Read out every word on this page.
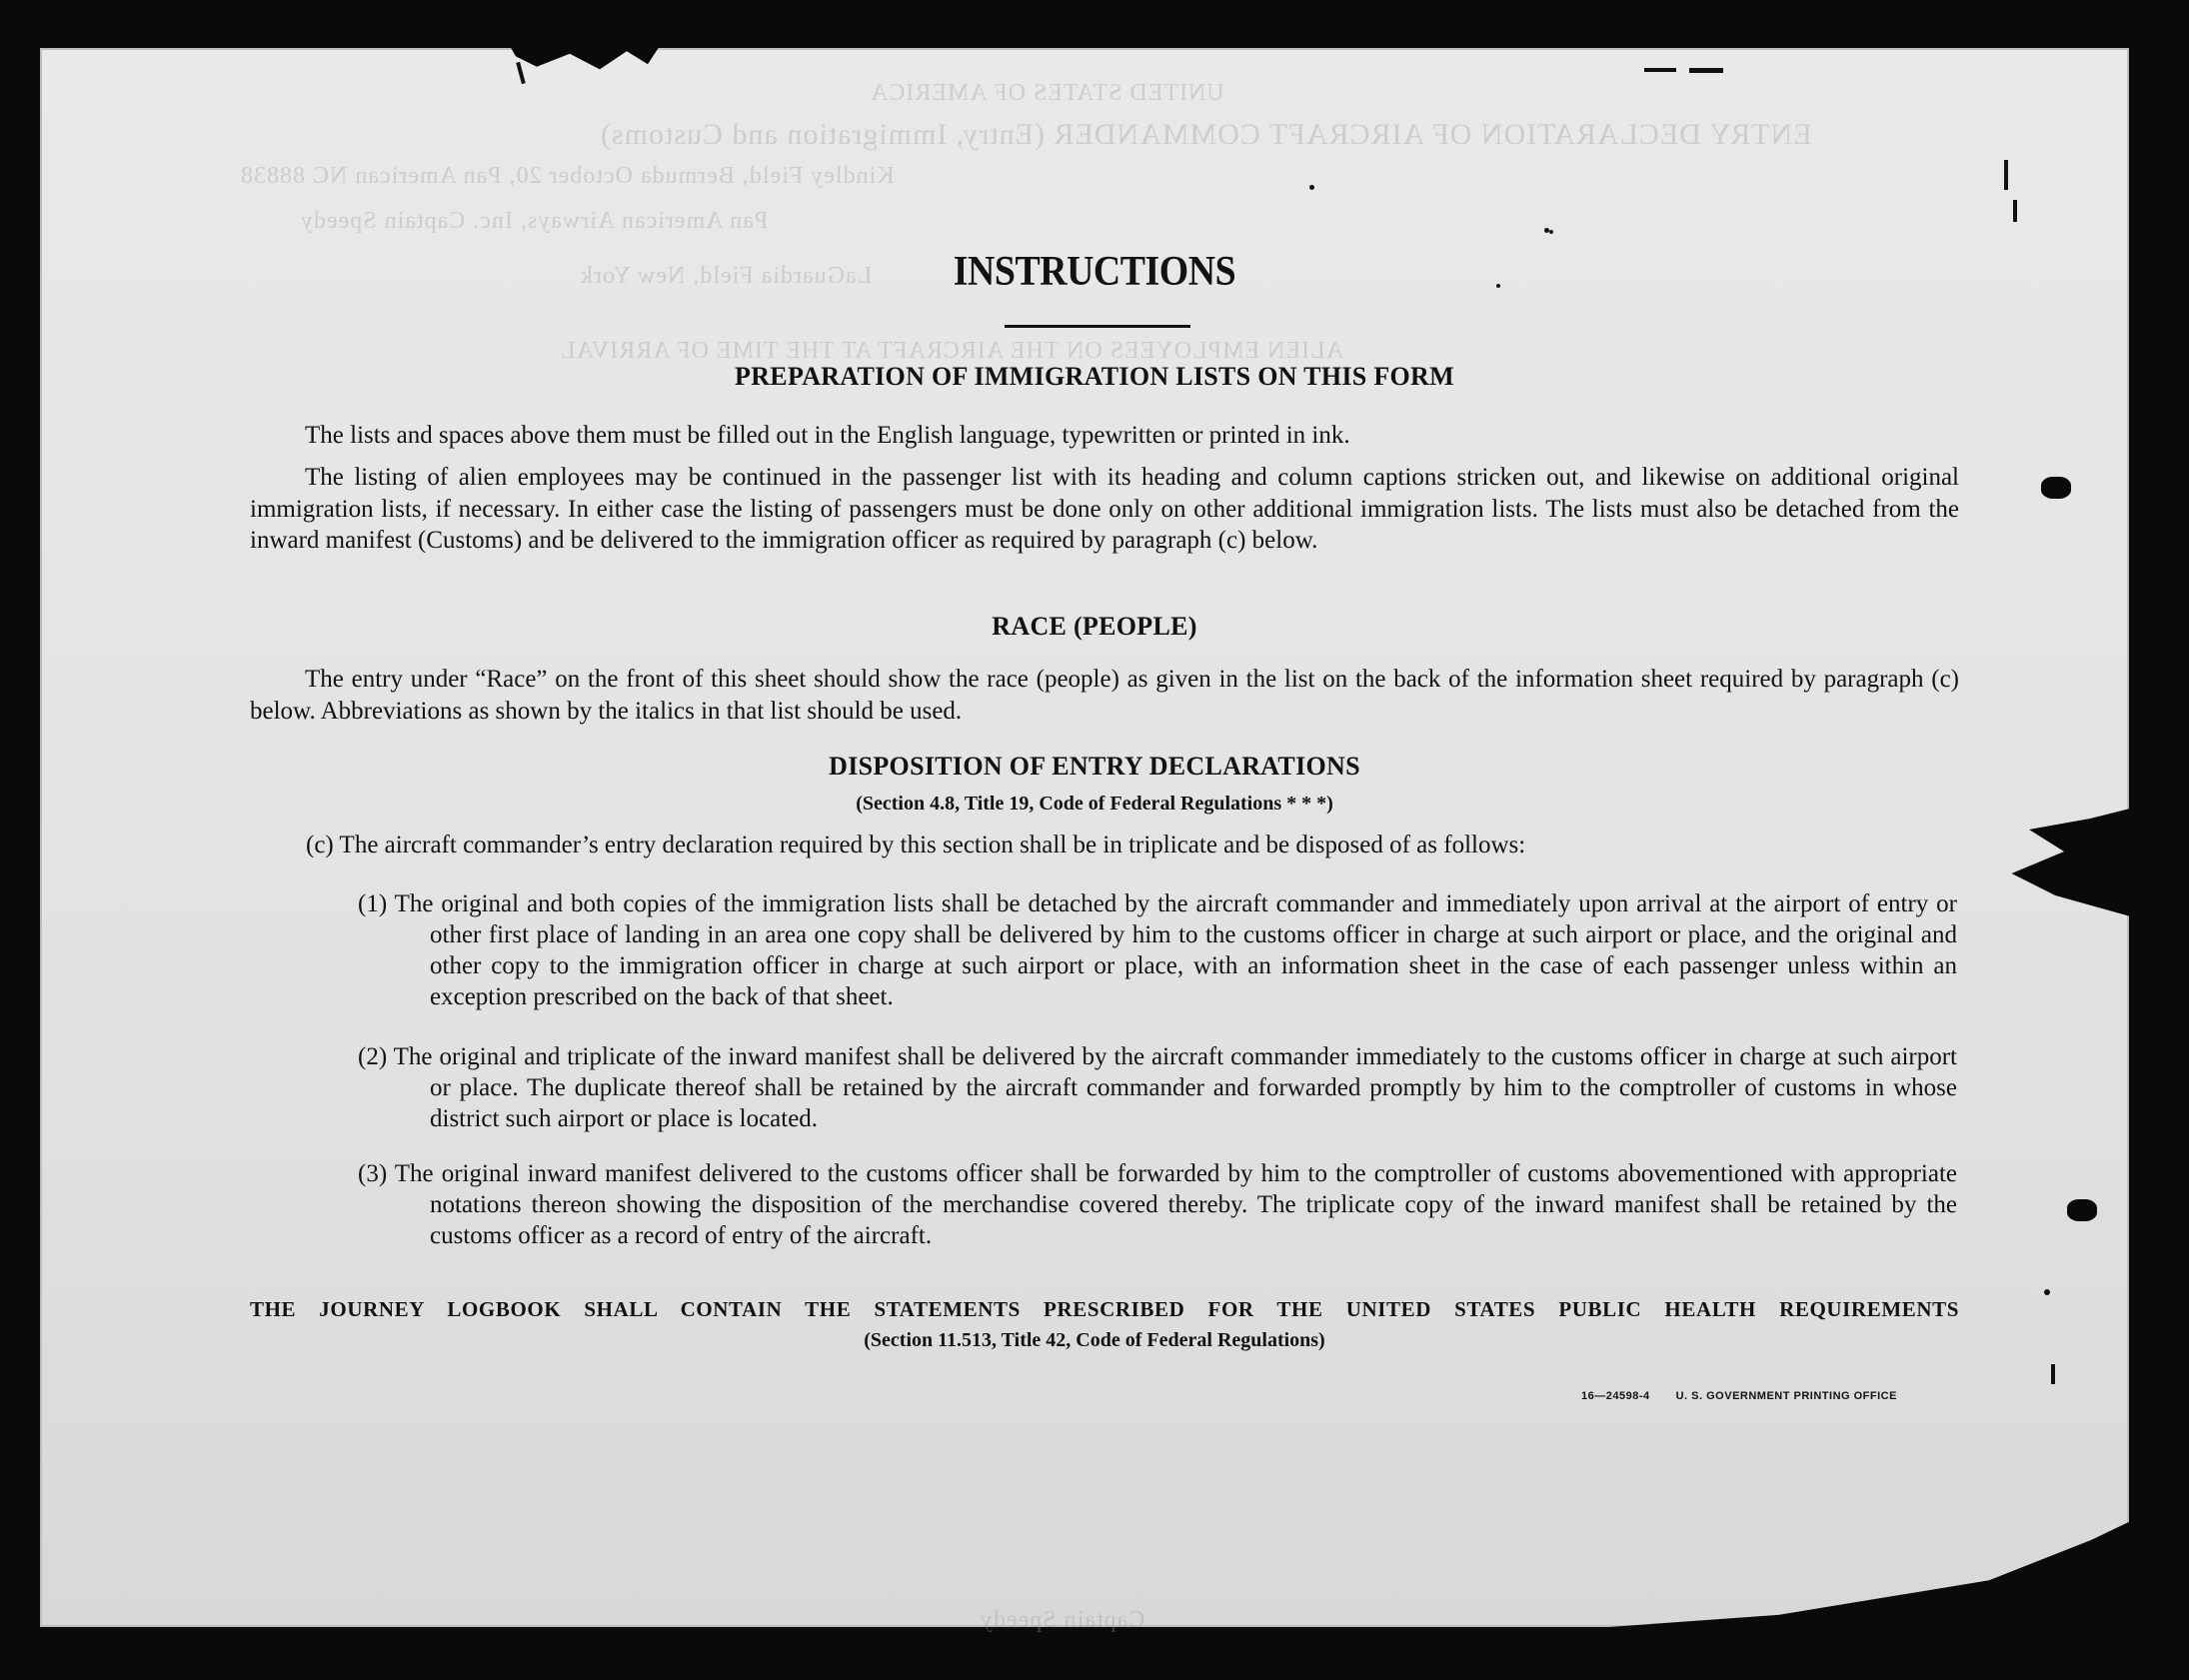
UNITED STATES OF AMERICA
ENTRY DECLARATION OF AIRCRAFT COMMANDER (Entry, Immigration and Customs)
Kindley Field, Bermuda October 20, Pan American NC 88838
Pan American Airways, Inc. Captain Speedy
LaGuardia Field, New York
ALIEN EMPLOYEES ON THE AIRCRAFT AT THE TIME OF ARRIVAL
Captain Speedy
INSTRUCTIONS
PREPARATION OF IMMIGRATION LISTS ON THIS FORM
The lists and spaces above them must be filled out in the English language, typewritten or printed in ink.
The listing of alien employees may be continued in the passenger list with its heading and column captions stricken out, and likewise on additional original immigration lists, if necessary. In either case the listing of passengers must be done only on other additional immigration lists. The lists must also be detached from the inward manifest (Customs) and be delivered to the immigration officer as required by paragraph (c) below.
RACE (PEOPLE)
The entry under “Race” on the front of this sheet should show the race (people) as given in the list on the back of the information sheet required by paragraph (c) below. Abbreviations as shown by the italics in that list should be used.
DISPOSITION OF ENTRY DECLARATIONS
(Section 4.8, Title 19, Code of Federal Regulations * * *)
(c) The aircraft commander’s entry declaration required by this section shall be in triplicate and be disposed of as follows:
(1) The original and both copies of the immigration lists shall be detached by the aircraft commander and immediately upon arrival at the airport of entry or other first place of landing in an area one copy shall be delivered by him to the customs officer in charge at such airport or place, and the original and other copy to the immigration officer in charge at such airport or place, with an information sheet in the case of each passenger unless within an exception prescribed on the back of that sheet.
(2) The original and triplicate of the inward manifest shall be delivered by the aircraft commander immediately to the customs officer in charge at such airport or place. The duplicate thereof shall be retained by the aircraft commander and forwarded promptly by him to the comptroller of customs in whose district such airport or place is located.
(3) The original inward manifest delivered to the customs officer shall be forwarded by him to the comptroller of customs abovementioned with appropriate notations thereon showing the disposition of the merchandise covered thereby. The triplicate copy of the inward manifest shall be retained by the customs officer as a record of entry of the aircraft.
THE JOURNEY LOGBOOK SHALL CONTAIN THE STATEMENTS PRESCRIBED FOR THE UNITED STATES PUBLIC HEALTH REQUIREMENTS
(Section 11.513, Title 42, Code of Federal Regulations)
16—24598-4 U. S. GOVERNMENT PRINTING OFFICE
